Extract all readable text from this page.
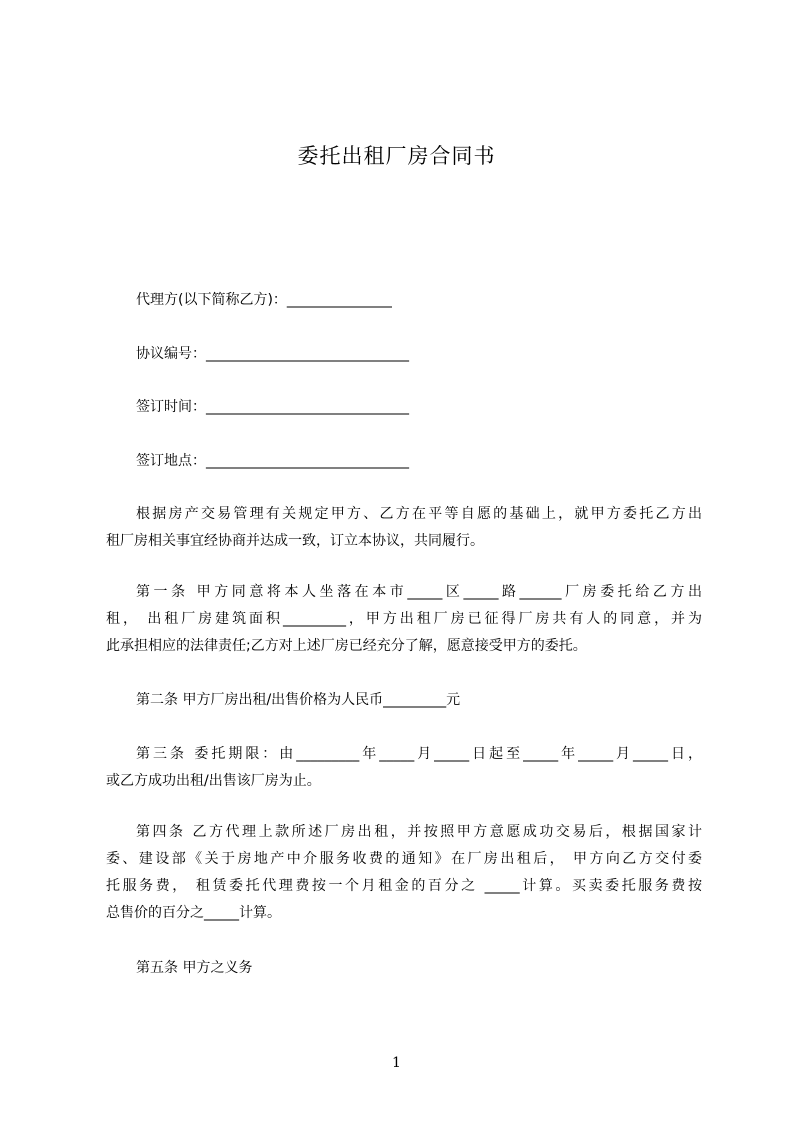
委托出租厂房合同书
代理方(以下简称乙方)：_______________
协议编号：_____________________________
签订时间：_____________________________
签订地点：_____________________________
根据房产交易管理有关规定甲方、乙方在平等自愿的基础上，就甲方委托乙方出
租厂房相关事宜经协商并达成一致，订立本协议，共同履行。
第一条 甲方同意将本人坐落在本市_____区_____路______厂房委托给乙方出
租， 出租厂房建筑面积_________，甲方出租厂房已征得厂房共有人的同意，并为
此承担相应的法律责任;乙方对上述厂房已经充分了解，愿意接受甲方的委托。
第二条 甲方厂房出租/出售价格为人民币_________元
第三条 委托期限：由_________年_____月_____日起至_____年_____月_____日，
或乙方成功出租/出售该厂房为止。
第四条 乙方代理上款所述厂房出租，并按照甲方意愿成功交易后，根据国家计
委、建设部《关于房地产中介服务收费的通知》在厂房出租后， 甲方向乙方交付委
托服务费， 租赁委托代理费按一个月租金的百分之 _____计算。买卖委托服务费按
总售价的百分之_____计算。
第五条 甲方之义务
1
